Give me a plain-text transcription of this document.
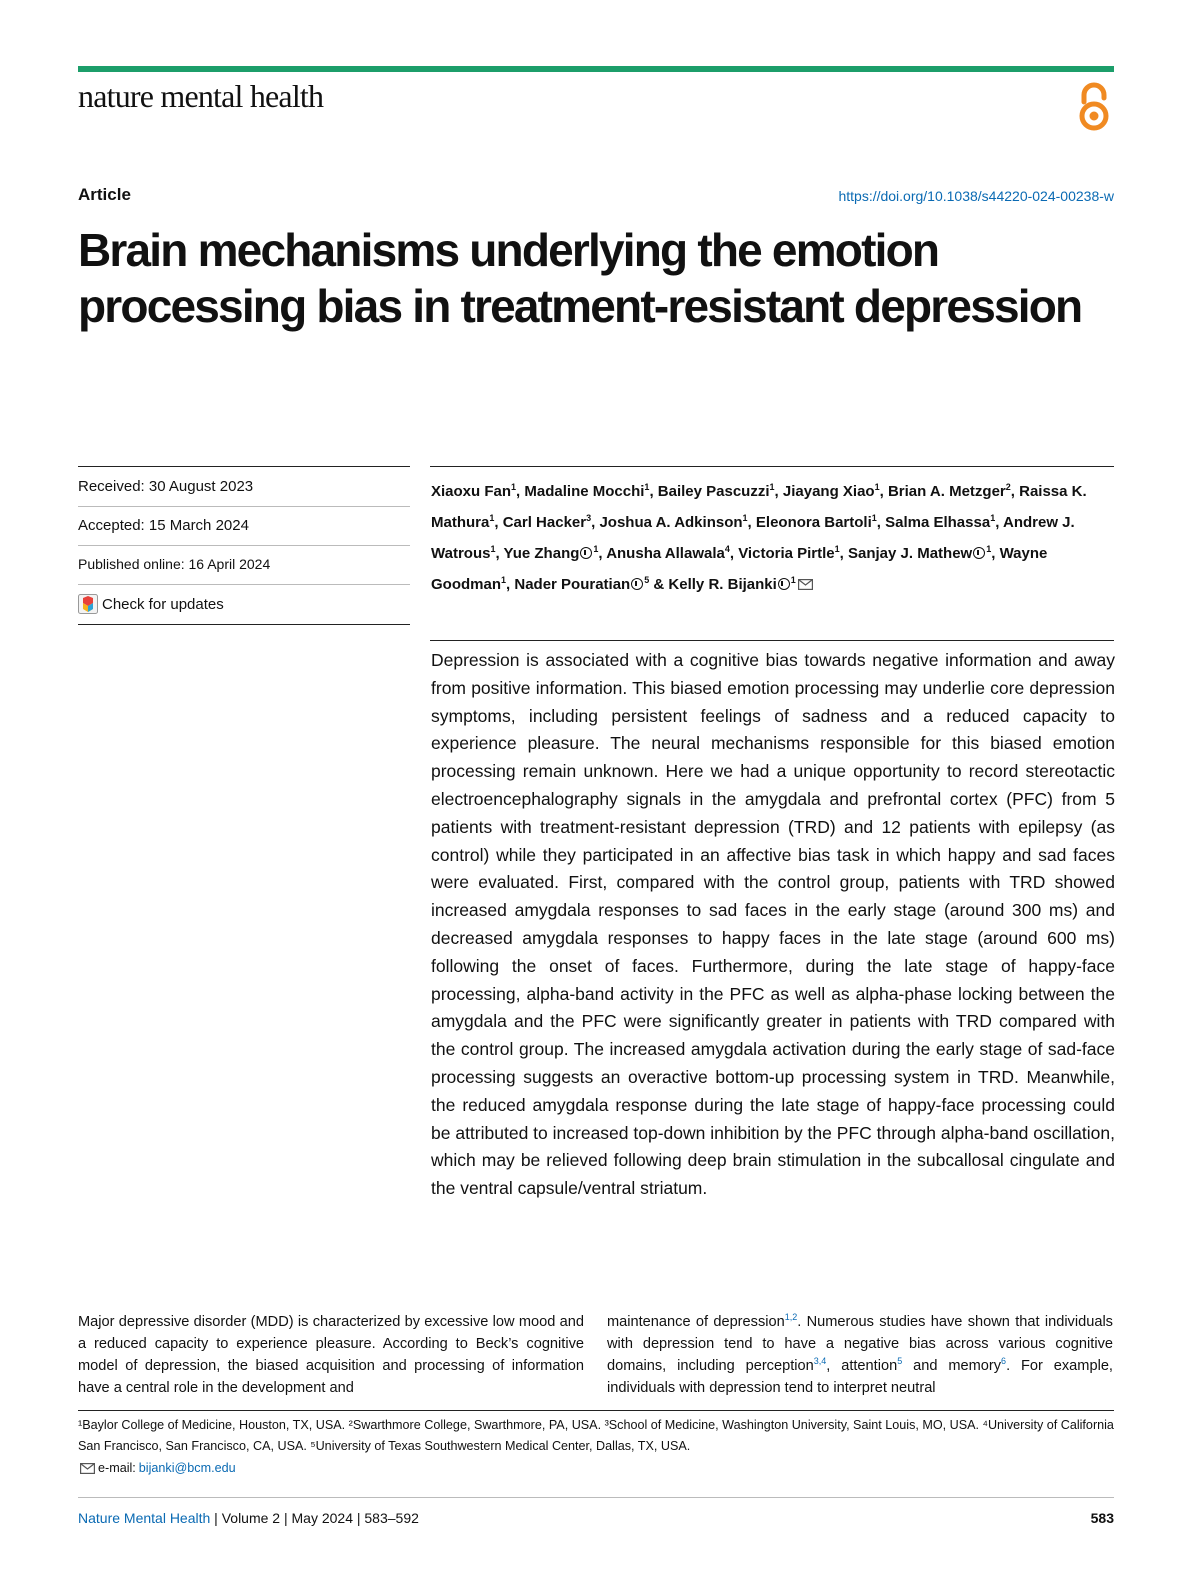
nature mental health
Article	https://doi.org/10.1038/s44220-024-00238-w
Brain mechanisms underlying the emotion processing bias in treatment-resistant depression
Received: 30 August 2023
Accepted: 15 March 2024
Published online: 16 April 2024
Check for updates
Xiaoxu Fan$^1$, Madaline Mocchi$^1$, Bailey Pascuzzi$^1$, Jiayang Xiao$^1$, Brian A. Metzger$^2$, Raissa K. Mathura$^1$, Carl Hacker$^3$, Joshua A. Adkinson$^1$, Eleonora Bartoli$^1$, Salma Elhassa$^1$, Andrew J. Watrous$^1$, Yue Zhang $^1$, Anusha Allawala$^4$, Victoria Pirtle$^1$, Sanjay J. Mathew $^1$, Wayne Goodman$^1$, Nader Pouratian $^5$ & Kelly R. Bijanki $^1$

Depression is associated with a cognitive bias towards negative information and away from positive information. This biased emotion processing may underlie core depression symptoms, including persistent feelings of sadness and a reduced capacity to experience pleasure. The neural mechanisms responsible for this biased emotion processing remain unknown. Here we had a unique opportunity to record stereotactic electroencephalography signals in the amygdala and prefrontal cortex (PFC) from 5 patients with treatment-resistant depression (TRD) and 12 patients with epilepsy (as control) while they participated in an affective bias task in which happy and sad faces were evaluated. First, compared with the control group, patients with TRD showed increased amygdala responses to sad faces in the early stage (around 300 ms) and decreased amygdala responses to happy faces in the late stage (around 600 ms) following the onset of faces. Furthermore, during the late stage of happy-face processing, alpha-band activity in the PFC as well as alpha-phase locking between the amygdala and the PFC were significantly greater in patients with TRD compared with the control group. The increased amygdala activation during the early stage of sad-face processing suggests an overactive bottom-up processing system in TRD. Meanwhile, the reduced amygdala response during the late stage of happy-face processing could be attributed to increased top-down inhibition by the PFC through alpha-band oscillation, which may be relieved following deep brain stimulation in the subcallosal cingulate and the ventral capsule/ventral striatum.

Major depressive disorder (MDD) is characterized by excessive low mood and a reduced capacity to experience pleasure. According to Beck’s cognitive model of depression, the biased acquisition and processing of information have a central role in the development and

maintenance of depression$^{1,2}$. Numerous studies have shown that individuals with depression tend to have a negative bias across various cognitive domains, including perception$^{3,4}$, attention$^5$ and memory$^6$. For example, individuals with depression tend to interpret neutral

¹Baylor College of Medicine, Houston, TX, USA. ²Swarthmore College, Swarthmore, PA, USA. ³School of Medicine, Washington University, Saint Louis, MO, USA. ⁴University of California San Francisco, San Francisco, CA, USA. ⁵University of Texas Southwestern Medical Center, Dallas, TX, USA.

e-mail: bijanki@bcm.edu
Nature Mental Health | Volume 2 | May 2024 | 583–592	583
